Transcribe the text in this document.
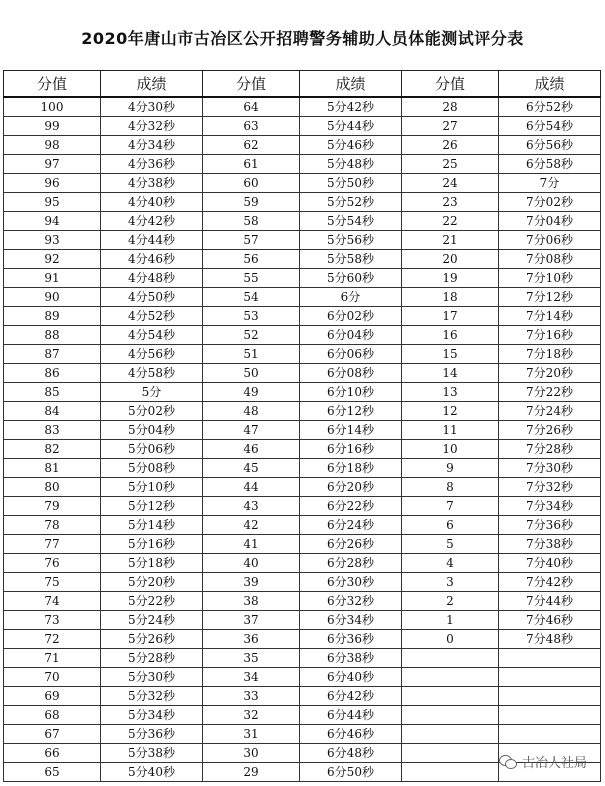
2020年唐山市古冶区公开招聘警务辅助人员体能测试评分表
分值	成绩	分值	成绩	分值	成绩
100	4分30秒	64	5分42秒	28	6分52秒
99	4分32秒	63	5分44秒	27	6分54秒
98	4分34秒	62	5分46秒	26	6分56秒
97	4分36秒	61	5分48秒	25	6分58秒
96	4分38秒	60	5分50秒	24	7分
95	4分40秒	59	5分52秒	23	7分02秒
94	4分42秒	58	5分54秒	22	7分04秒
93	4分44秒	57	5分56秒	21	7分06秒
92	4分46秒	56	5分58秒	20	7分08秒
91	4分48秒	55	5分60秒	19	7分10秒
90	4分50秒	54	6分	18	7分12秒
89	4分52秒	53	6分02秒	17	7分14秒
88	4分54秒	52	6分04秒	16	7分16秒
87	4分56秒	51	6分06秒	15	7分18秒
86	4分58秒	50	6分08秒	14	7分20秒
85	5分	49	6分10秒	13	7分22秒
84	5分02秒	48	6分12秒	12	7分24秒
83	5分04秒	47	6分14秒	11	7分26秒
82	5分06秒	46	6分16秒	10	7分28秒
81	5分08秒	45	6分18秒	9	7分30秒
80	5分10秒	44	6分20秒	8	7分32秒
79	5分12秒	43	6分22秒	7	7分34秒
78	5分14秒	42	6分24秒	6	7分36秒
77	5分16秒	41	6分26秒	5	7分38秒
76	5分18秒	40	6分28秒	4	7分40秒
75	5分20秒	39	6分30秒	3	7分42秒
74	5分22秒	38	6分32秒	2	7分44秒
73	5分24秒	37	6分34秒	1	7分46秒
72	5分26秒	36	6分36秒	0	7分48秒
71	5分28秒	35	6分38秒		
70	5分30秒	34	6分40秒		
69	5分32秒	33	6分42秒		
68	5分34秒	32	6分44秒		
67	5分36秒	31	6分46秒		
66	5分38秒	30	6分48秒		
65	5分40秒	29	6分50秒		
古冶人社局
